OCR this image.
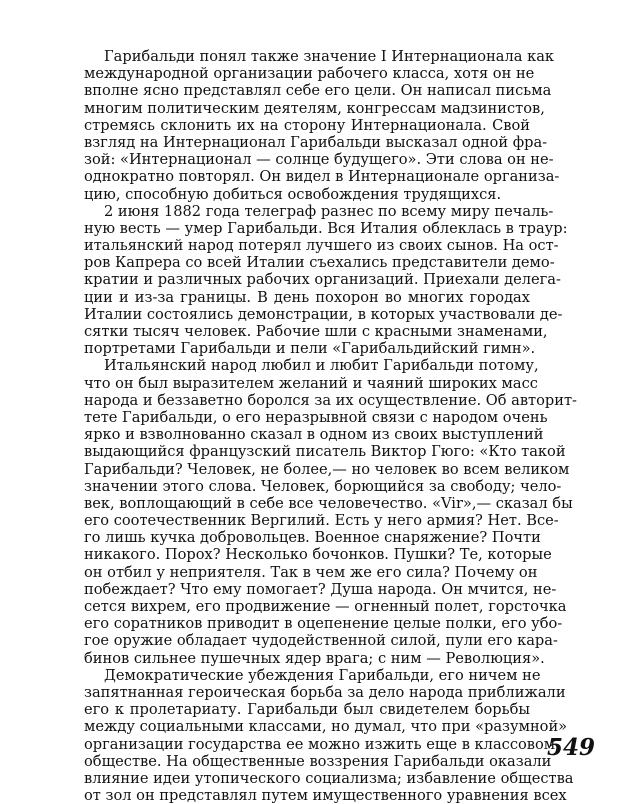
Гарибальди понял также значение I Интернационала как
международной организации рабочего класса, хотя он не
вполне ясно представлял себе его цели. Он написал письма
многим политическим деятелям, конгрессам мадзинистов,
стремясь склонить их на сторону Интернационала. Свой
взгляд на Интернационал Гарибальди высказал одной фра-
зой: «Интернационал — солнце будущего». Эти слова он не-
однократно повторял. Он видел в Интернационале организа-
цию, способную добиться освобождения трудящихся.
2 июня 1882 года телеграф разнес по всему миру печаль-
ную весть — умер Гарибальди. Вся Италия облеклась в траур:
итальянский народ потерял лучшего из своих сынов. На ост-
ров Капрера со всей Италии съехались представители демо-
кратии и различных рабочих организаций. Приехали делега-
ции и из-за границы. В день похорон во многих городах
Италии состоялись демонстрации, в которых участвовали де-
сятки тысяч человек. Рабочие шли с красными знаменами,
портретами Гарибальди и пели «Гарибальдийский гимн».
Итальянский народ любил и любит Гарибальди потому,
что он был выразителем желаний и чаяний широких масс
народа и беззаветно боролся за их осуществление. Об авторит-
тете Гарибальди, о его неразрывной связи с народом очень
ярко и взволнованно сказал в одном из своих выступлений
выдающийся французский писатель Виктор Гюго: «Кто такой
Гарибальди? Человек, не более,— но человек во всем великом
значении этого слова. Человек, борющийся за свободу; чело-
век, воплощающий в себе все человечество. «Vir»,— сказал бы
его соотечественник Вергилий. Есть у него армия? Нет. Все-
го лишь кучка добровольцев. Военное снаряжение? Почти
никакого. Порох? Несколько бочонков. Пушки? Те, которые
он отбил у неприятеля. Так в чем же его сила? Почему он
побеждает? Что ему помогает? Душа народа. Он мчится, не-
сется вихрем, его продвижение — огненный полет, горсточка
его соратников приводит в оцепенение целые полки, его убо-
гое оружие обладает чудодейственной силой, пули его кара-
бинов сильнее пушечных ядер врага; с ним — Революция».
Демократические убеждения Гарибальди, его ничем не
запятнанная героическая борьба за дело народа приближали
его к пролетариату. Гарибальди был свидетелем борьбы
между социальными классами, но думал, что при «разумной»
организации государства ее можно изжить еще в классовом
обществе. На общественные воззрения Гарибальди оказали
влияние идеи утопического социализма; избавление общества
от зол он представлял путем имущественного уравнения всех
549
